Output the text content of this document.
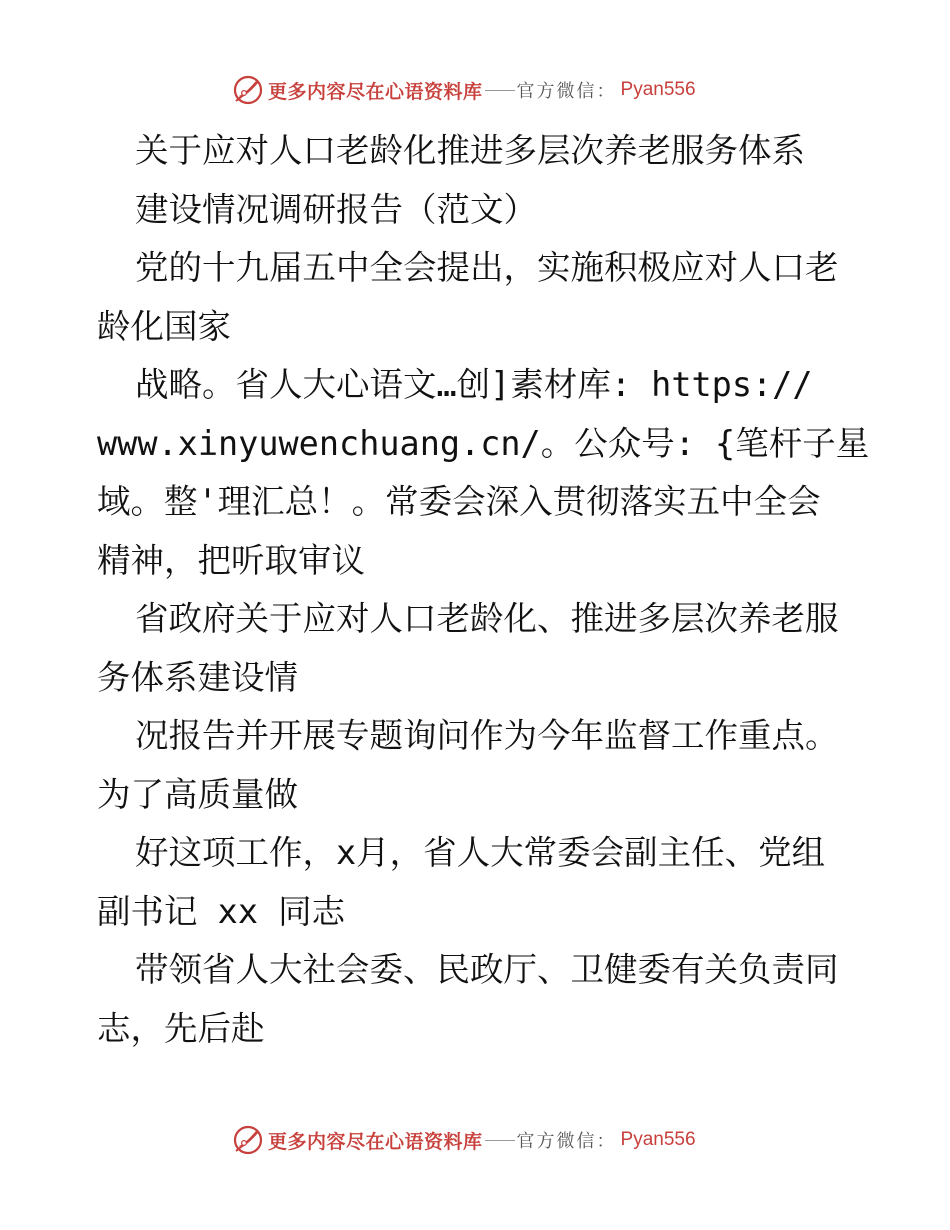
更多内容尽在心语资料库 官方微信： Pyan556
关于应对人口老龄化推进多层次养老服务体系
建设情况调研报告（范文）
党的十九届五中全会提出，实施积极应对人口老
龄化国家
战略。省人大心语文…创]素材库: https://
www.xinyuwenchuang.cn/。公众号: {笔杆子星
域。整'理汇总！。常委会深入贯彻落实五中全会
精神，把听取审议
省政府关于应对人口老龄化、推进多层次养老服
务体系建设情
况报告并开展专题询问作为今年监督工作重点。
为了高质量做
好这项工作，x月，省人大常委会副主任、党组
副书记 xx 同志
带领省人大社会委、民政厅、卫健委有关负责同
志，先后赴
更多内容尽在心语资料库 官方微信： Pyan556
